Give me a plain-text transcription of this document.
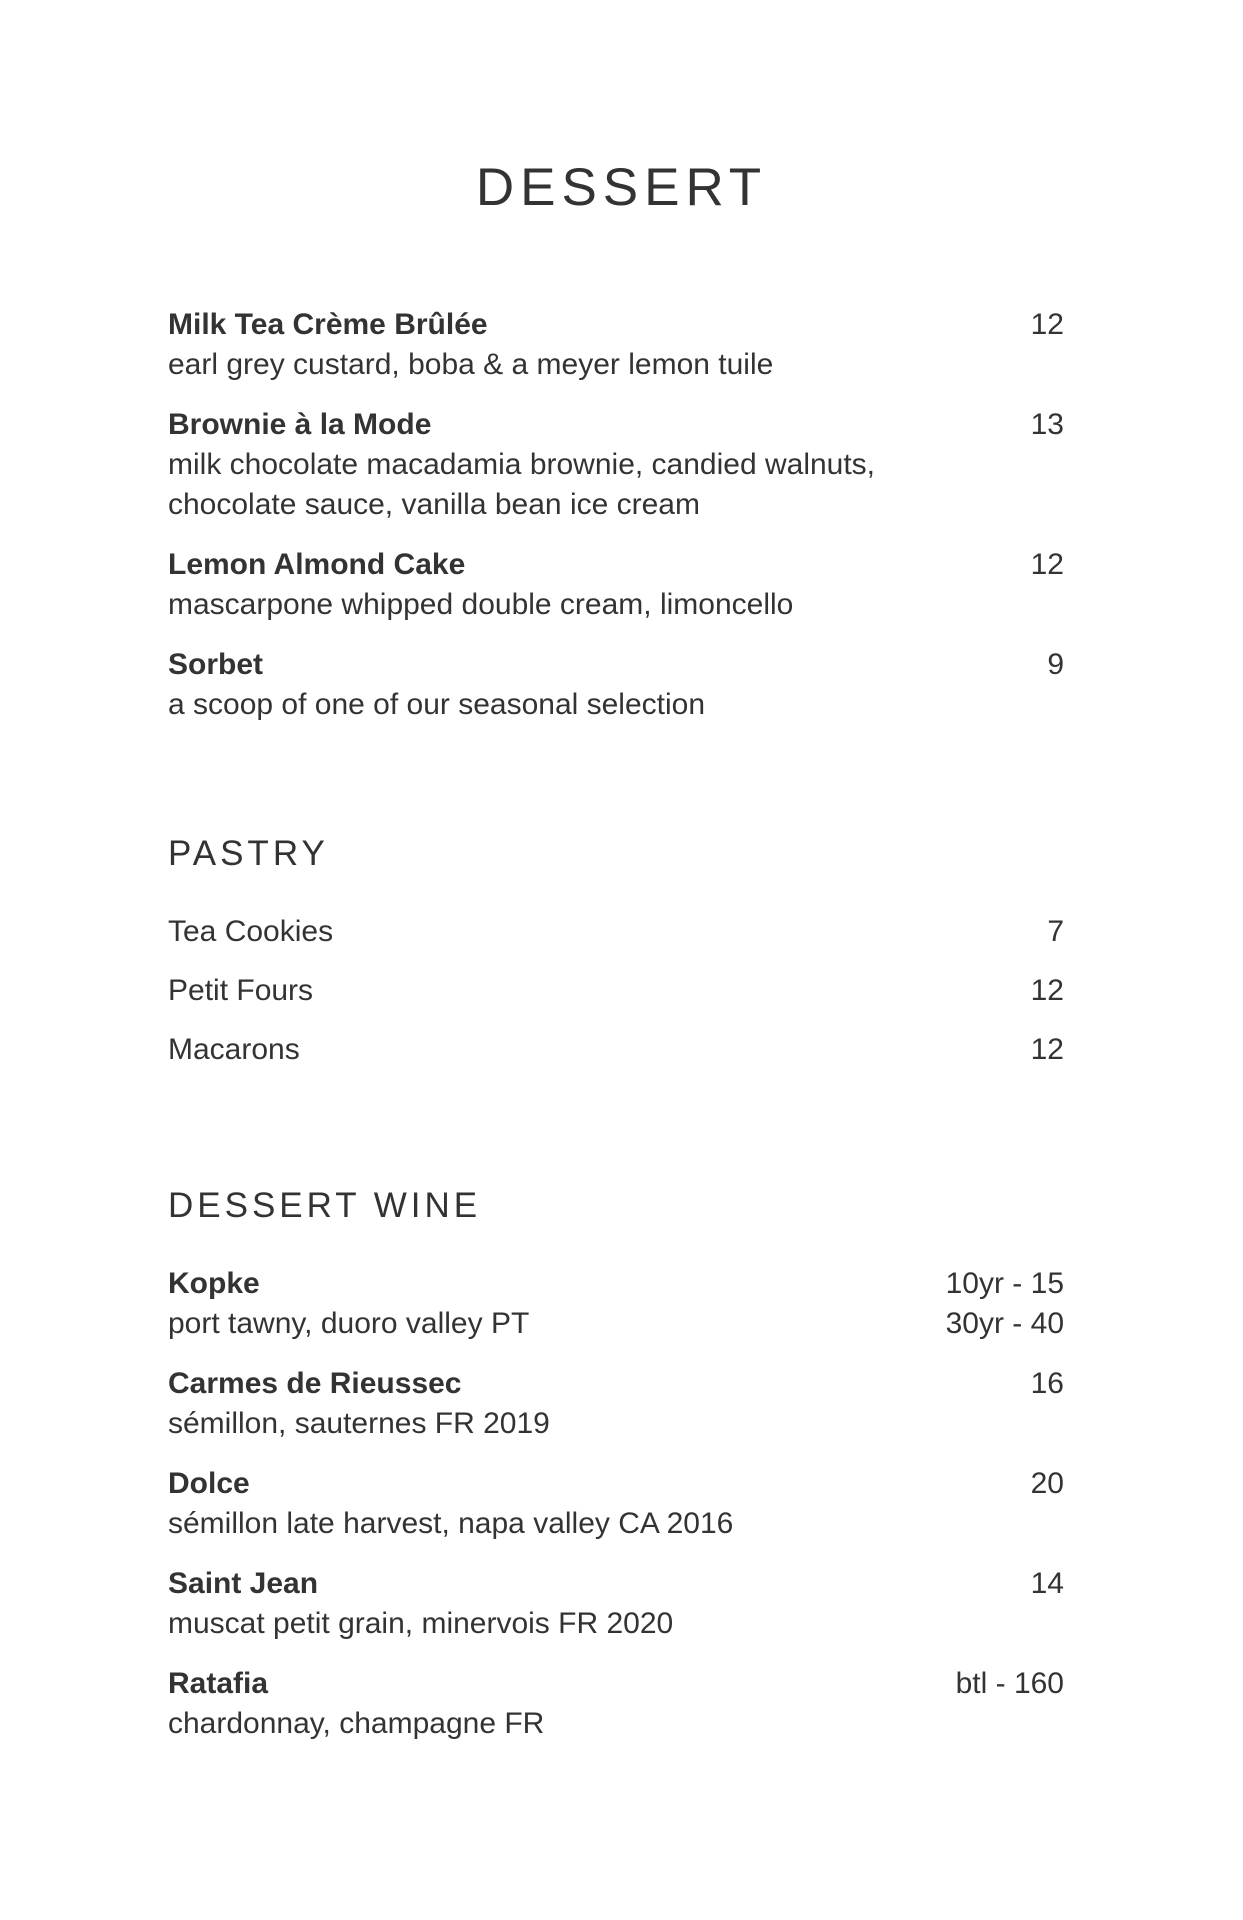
DESSERT
Milk Tea Crème Brûlée	12
earl grey custard, boba & a meyer lemon tuile
Brownie à la Mode	13
milk chocolate macadamia brownie, candied walnuts,
chocolate sauce, vanilla bean ice cream
Lemon Almond Cake	12
mascarpone whipped double cream, limoncello
Sorbet	9
a scoop of one of our seasonal selection
PASTRY
Tea Cookies	7
Petit Fours	12
Macarons	12
DESSERT WINE
Kopke	10yr - 15
port tawny, duoro valley PT	30yr - 40
Carmes de Rieussec	16
sémillon, sauternes FR 2019
Dolce	20
sémillon late harvest, napa valley CA 2016
Saint Jean	14
muscat petit grain, minervois FR 2020
Ratafia	btl - 160
chardonnay, champagne FR
